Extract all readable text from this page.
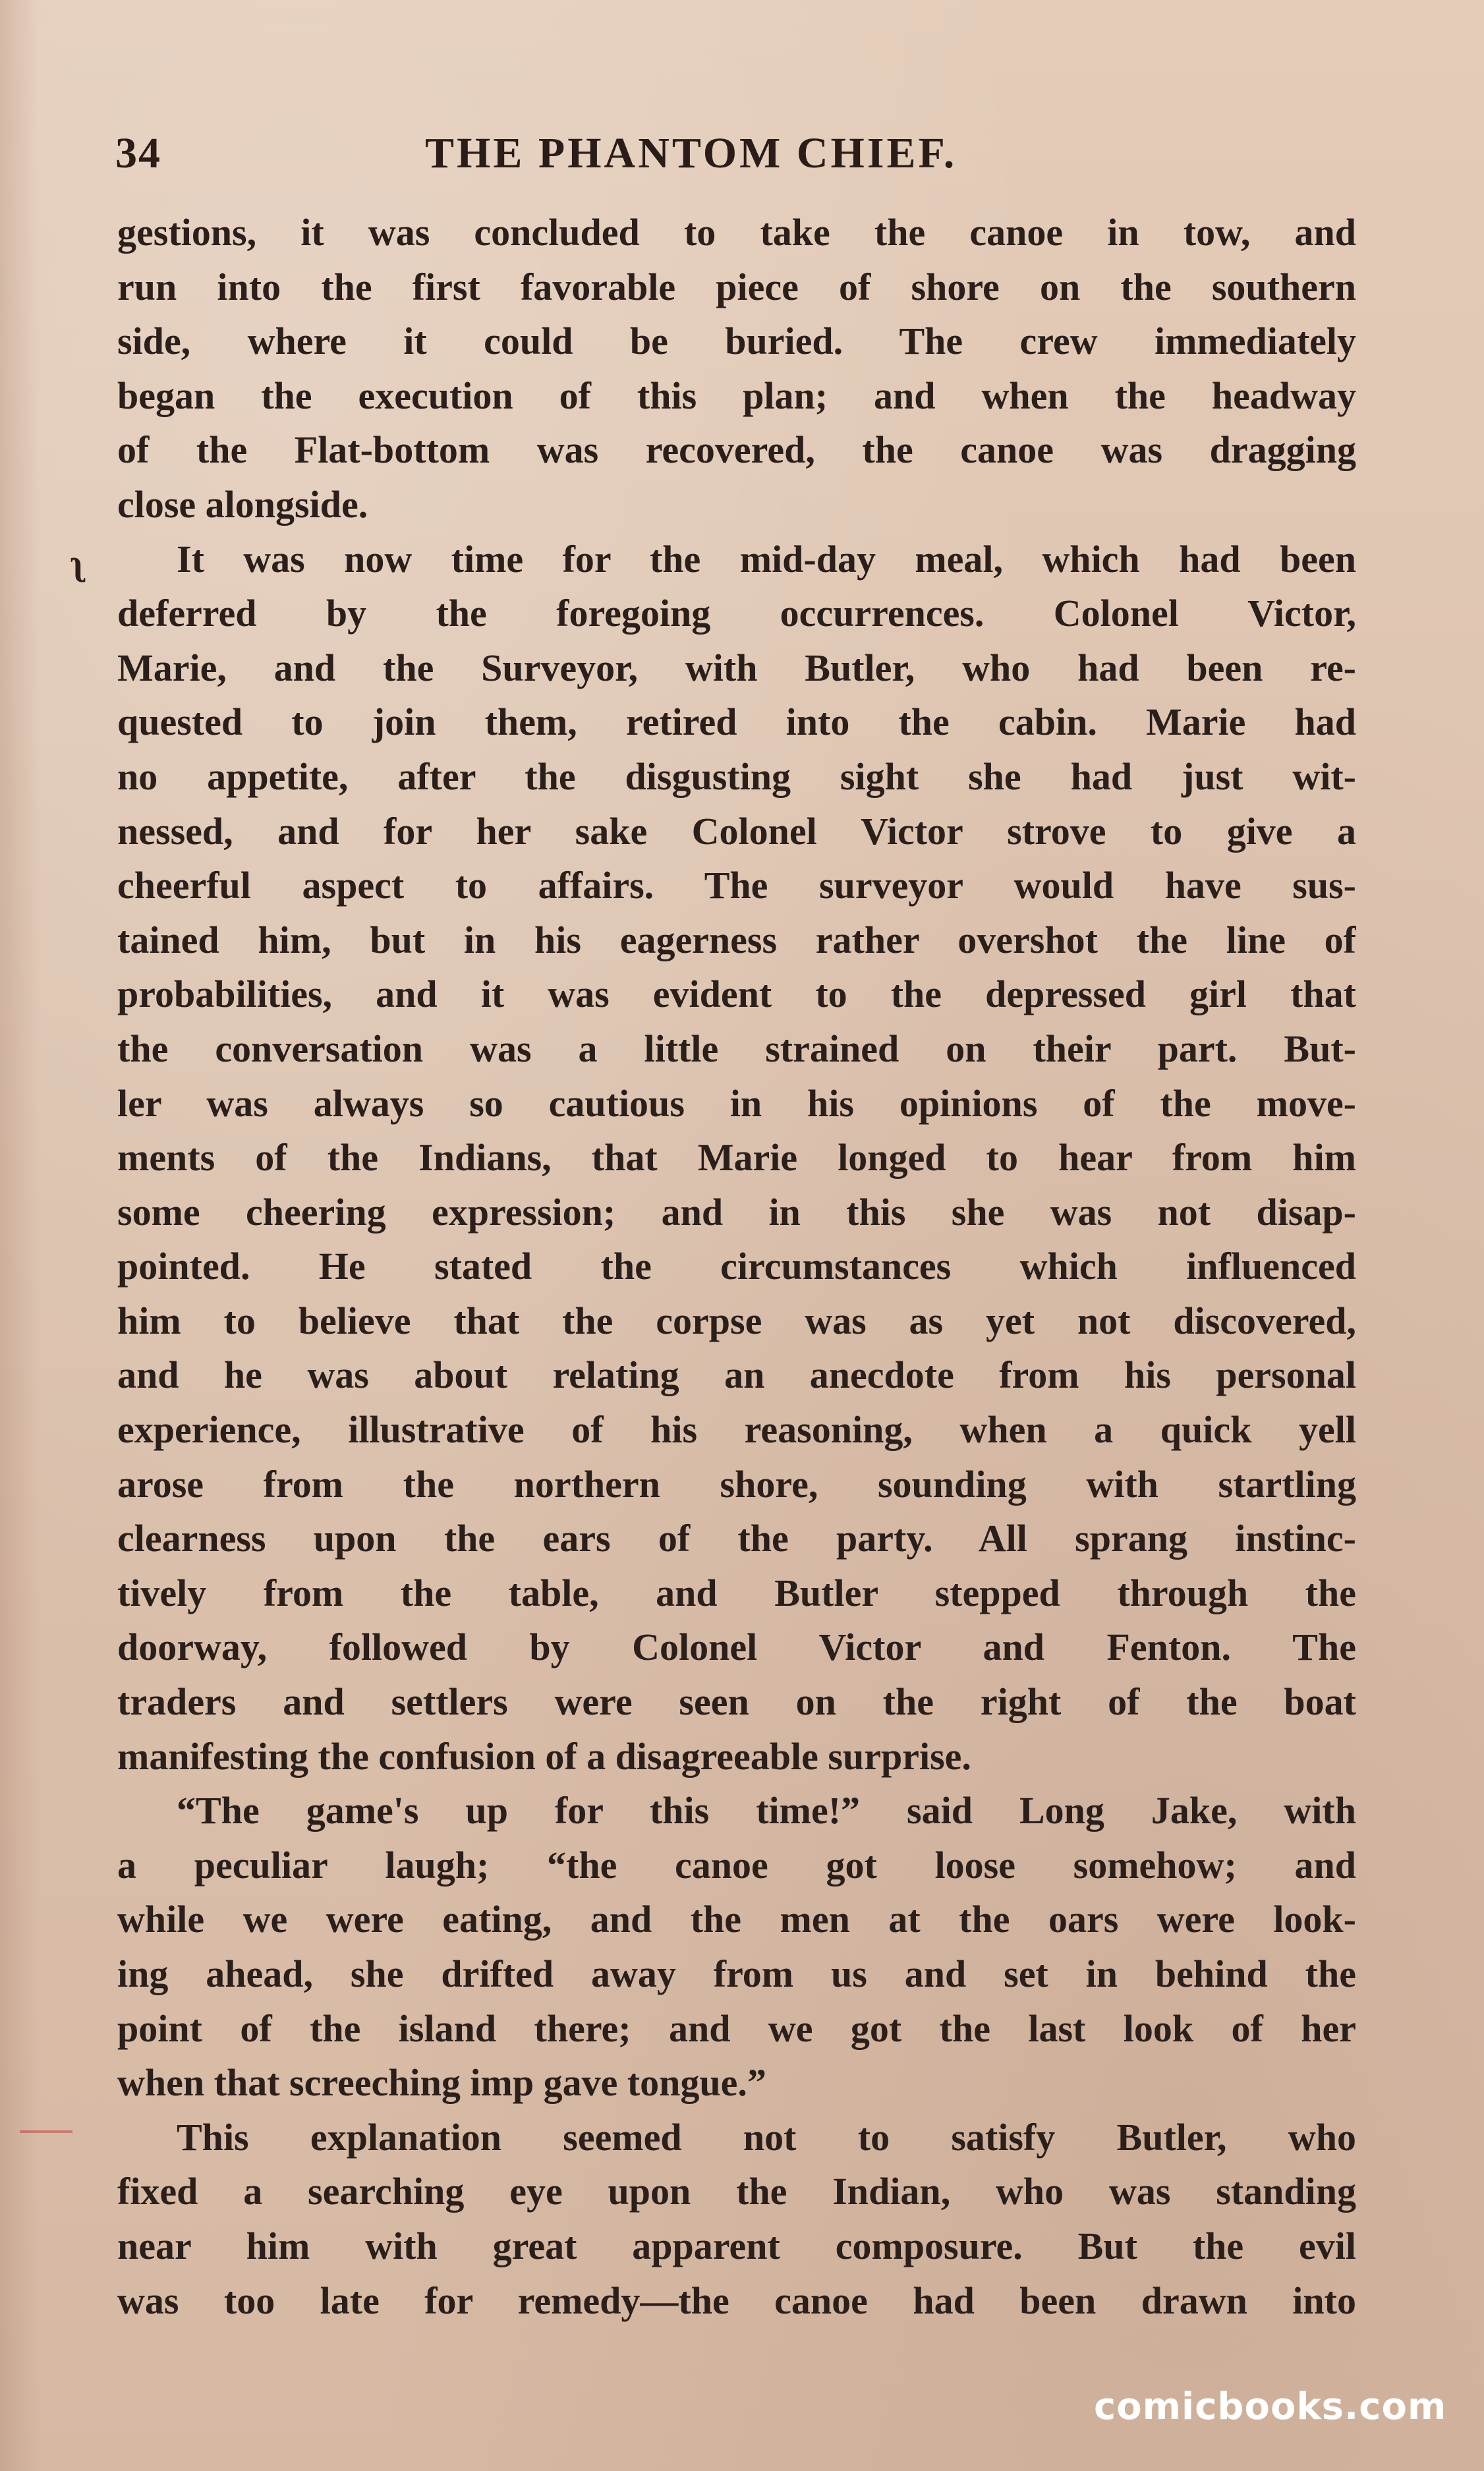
34	THE PHANTOM CHIEF.
ʅ
gestions, it was concluded to take the canoe in tow, and
run into the first favorable piece of shore on the southern
side, where it could be buried. The crew immediately
began the execution of this plan; and when the headway
of the Flat-bottom was recovered, the canoe was dragging
close alongside.
It was now time for the mid-day meal, which had been
deferred by the foregoing occurrences. Colonel Victor,
Marie, and the Surveyor, with Butler, who had been re-
quested to join them, retired into the cabin. Marie had
no appetite, after the disgusting sight she had just wit-
nessed, and for her sake Colonel Victor strove to give a
cheerful aspect to affairs. The surveyor would have sus-
tained him, but in his eagerness rather overshot the line of
probabilities, and it was evident to the depressed girl that
the conversation was a little strained on their part. But-
ler was always so cautious in his opinions of the move-
ments of the Indians, that Marie longed to hear from him
some cheering expression; and in this she was not disap-
pointed. He stated the circumstances which influenced
him to believe that the corpse was as yet not discovered,
and he was about relating an anecdote from his personal
experience, illustrative of his reasoning, when a quick yell
arose from the northern shore, sounding with startling
clearness upon the ears of the party. All sprang instinc-
tively from the table, and Butler stepped through the
doorway, followed by Colonel Victor and Fenton. The
traders and settlers were seen on the right of the boat
manifesting the confusion of a disagreeable surprise.
“The game's up for this time!” said Long Jake, with
a peculiar laugh; “the canoe got loose somehow; and
while we were eating, and the men at the oars were look-
ing ahead, she drifted away from us and set in behind the
point of the island there; and we got the last look of her
when that screeching imp gave tongue.”
This explanation seemed not to satisfy Butler, who
fixed a searching eye upon the Indian, who was standing
near him with great apparent composure. But the evil
was too late for remedy—the canoe had been drawn into
comicbooks.com
